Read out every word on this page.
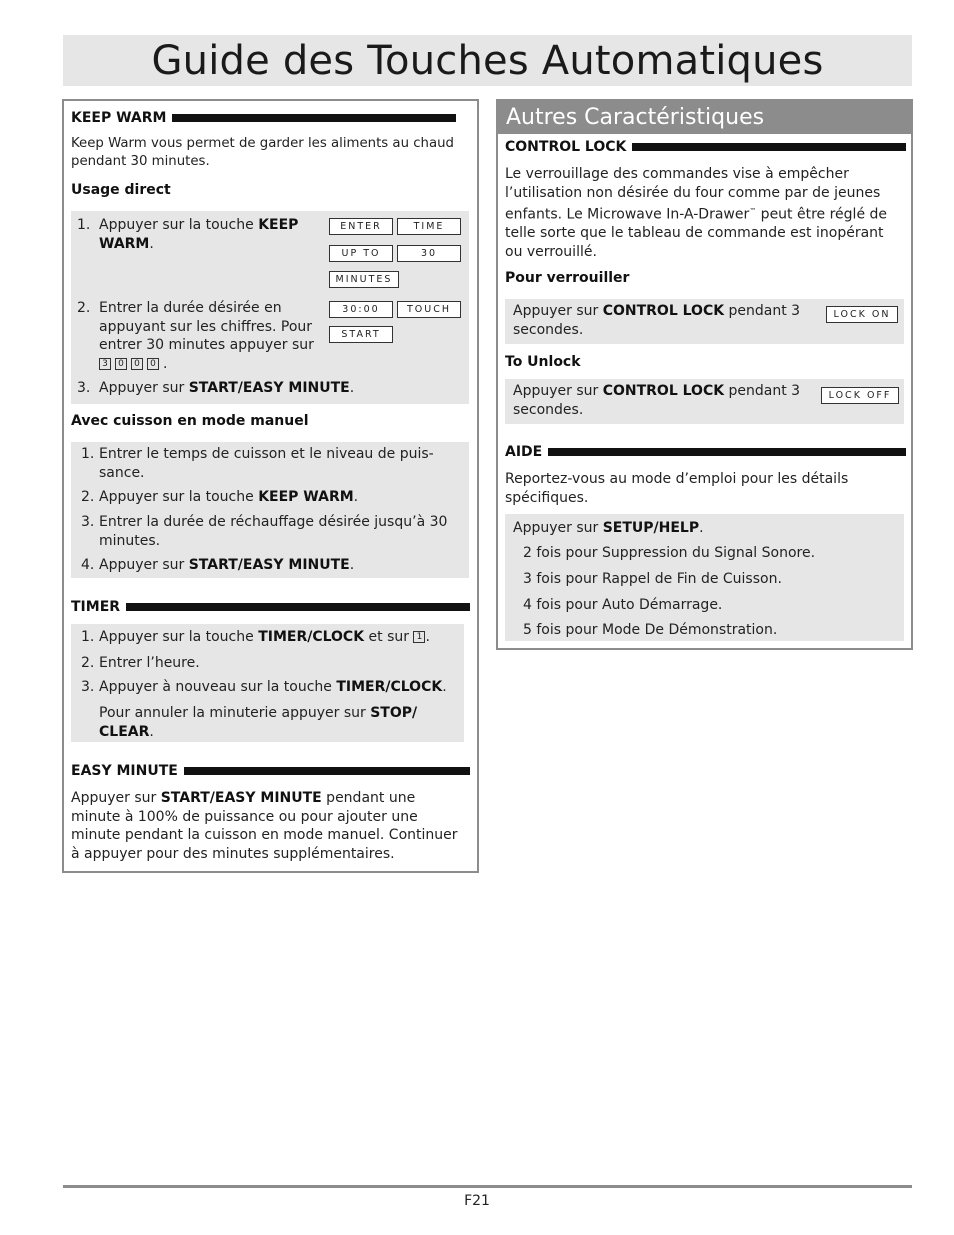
Guide des Touches Automatiques
KEEP WARM
Keep Warm vous permet de garder les aliments au chaud pendant 30 minutes.
Usage direct
1. Appuyer sur la touche KEEP WARM.
2. Entrer la durée désirée en appuyant sur les chiffres. Pour entrer 30 minutes appuyer sur
3 0 0 0 .
3. Appuyer sur START/EASY MINUTE.
ENTER	TIME
UP TO	30
MINUTES
30:00	TOUCH
START
Avec cuisson en mode manuel
1. Entrer le temps de cuisson et le niveau de puis- sance.
2. Appuyer sur la touche KEEP WARM.
3. Entrer la durée de réchauffage désirée jusqu’à 30 minutes.
4. Appuyer sur START/EASY MINUTE.
TIMER
1. Appuyer sur la touche TIMER/CLOCK et sur 1 .
2. Entrer l’heure.
3. Appuyer à nouveau sur la touche TIMER/CLOCK.
Pour annuler la minuterie appuyer sur STOP/ CLEAR.
EASY MINUTE
Appuyer sur START/EASY MINUTE pendant une minute à 100% de puissance ou pour ajouter une minute pendant la cuisson en mode manuel. Continuer à appuyer pour des minutes supplémentaires.
Autres Caractéristiques
CONTROL LOCK
Le verrouillage des commandes vise à empêcher l’utilisation non désirée du four comme par de jeunes enfants. Le Microwave In-A-Drawer™ peut être réglé de telle sorte que le tableau de commande est inopérant ou verrouillé.
Pour verrouiller
Appuyer sur CONTROL LOCK pendant 3 secondes.
LOCK ON
To Unlock
Appuyer sur CONTROL LOCK pendant 3 secondes.
LOCK OFF
AIDE
Reportez-vous au mode d’emploi pour les détails spécifiques.
Appuyer sur SETUP/HELP.
2 fois pour Suppression du Signal Sonore.
3 fois pour Rappel de Fin de Cuisson.
4 fois pour Auto Démarrage.
5 fois pour Mode De Démonstration.
F21
